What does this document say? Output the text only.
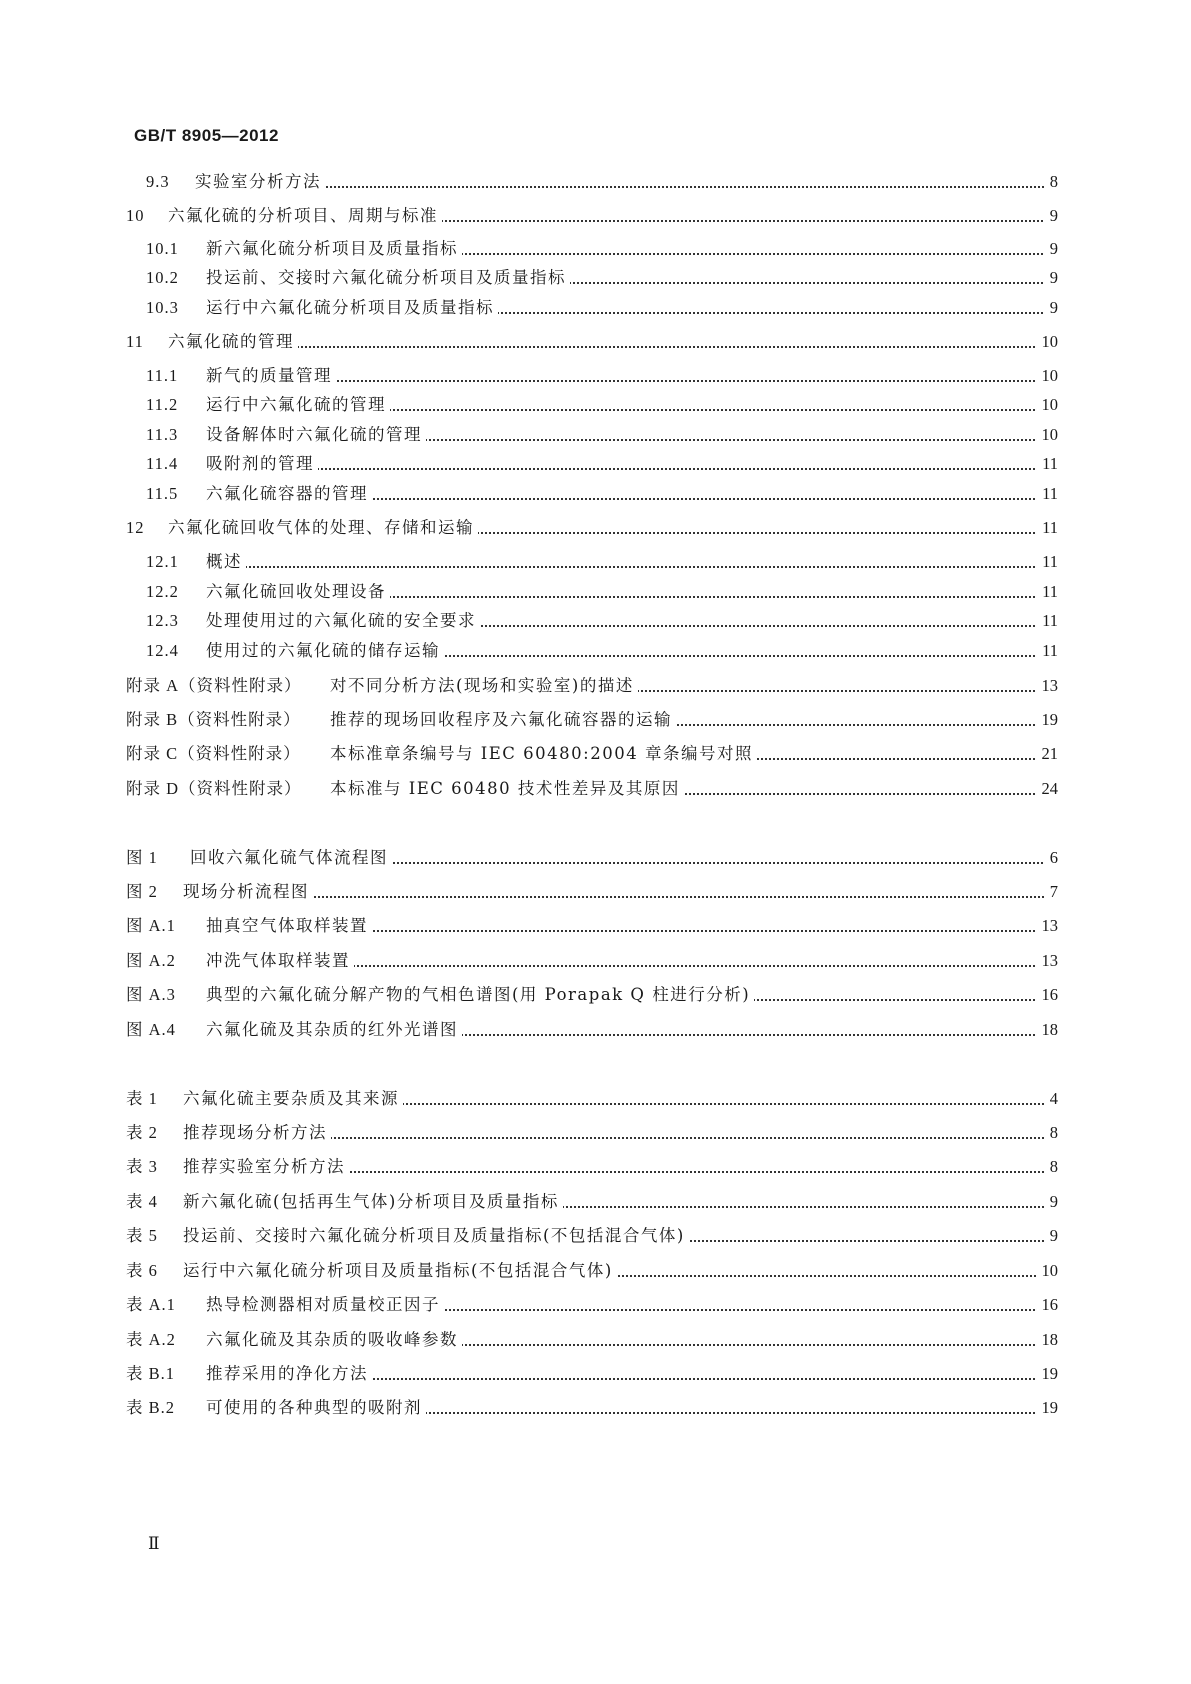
GB/T 8905—2012
9.3 实验室分析方法	8
10 六氟化硫的分析项目、周期与标准	9
10.1 新六氟化硫分析项目及质量指标	9
10.2 投运前、交接时六氟化硫分析项目及质量指标	9
10.3 运行中六氟化硫分析项目及质量指标	9
11 六氟化硫的管理	10
11.1 新气的质量管理	10
11.2 运行中六氟化硫的管理	10
11.3 设备解体时六氟化硫的管理	10
11.4 吸附剂的管理	11
11.5 六氟化硫容器的管理	11
12 六氟化硫回收气体的处理、存储和运输	11
12.1 概述	11
12.2 六氟化硫回收处理设备	11
12.3 处理使用过的六氟化硫的安全要求	11
12.4 使用过的六氟化硫的储存运输	11
附录 A（资料性附录） 对不同分析方法(现场和实验室)的描述	13
附录 B（资料性附录） 推荐的现场回收程序及六氟化硫容器的运输	19
附录 C（资料性附录） 本标准章条编号与 IEC 60480:2004 章条编号对照	21
附录 D（资料性附录） 本标准与 IEC 60480 技术性差异及其原因	24
图 1 回收六氟化硫气体流程图	6
图 2 现场分析流程图	7
图 A.1 抽真空气体取样装置	13
图 A.2 冲洗气体取样装置	13
图 A.3 典型的六氟化硫分解产物的气相色谱图(用 Porapak Q 柱进行分析)	16
图 A.4 六氟化硫及其杂质的红外光谱图	18
表 1 六氟化硫主要杂质及其来源	4
表 2 推荐现场分析方法	8
表 3 推荐实验室分析方法	8
表 4 新六氟化硫(包括再生气体)分析项目及质量指标	9
表 5 投运前、交接时六氟化硫分析项目及质量指标(不包括混合气体)	9
表 6 运行中六氟化硫分析项目及质量指标(不包括混合气体)	10
表 A.1 热导检测器相对质量校正因子	16
表 A.2 六氟化硫及其杂质的吸收峰参数	18
表 B.1 推荐采用的净化方法	19
表 B.2 可使用的各种典型的吸附剂	19
Ⅱ
